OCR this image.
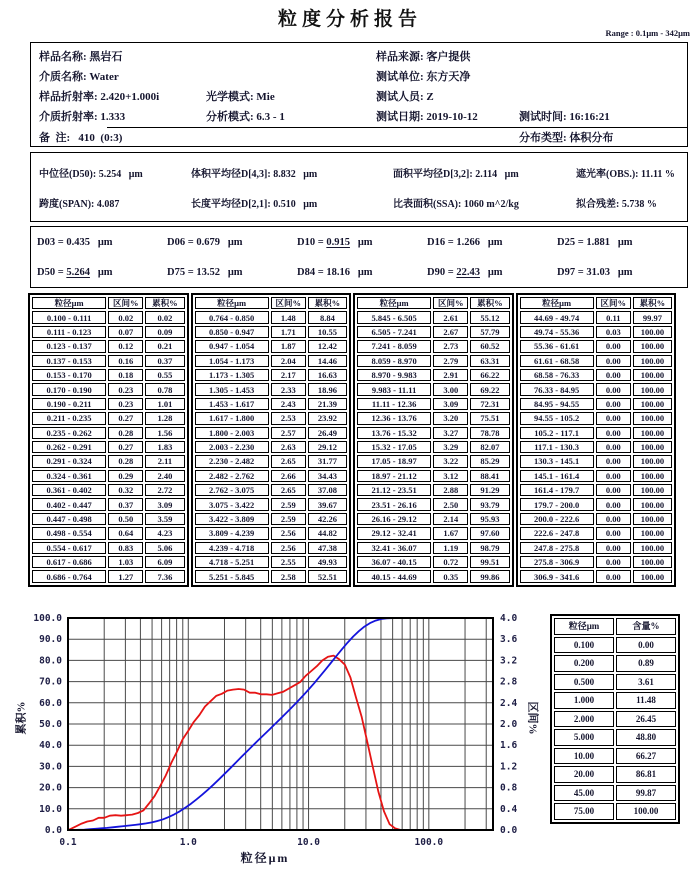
粒度分析报告
Range : 0.1μm - 342μm
样品名称: 黑岩石	样品来源: 客户提供
介质名称: Water	测试单位: 东方天净
样品折射率: 2.420+1.000i	光学模式: Mie	测试人员: Z
介质折射率: 1.333	分析模式: 6.3 - 1	测试日期: 2019-10-12	测试时间: 16:16:21
备  注:   410  (0:3)	分布类型: 体积分布
中位径(D50): 5.254   μm	体积平均径D[4,3]: 8.832   μm	面积平均径D[3,2]: 2.114   μm	遮光率(OBS.): 11.11 %
跨度(SPAN): 4.087	长度平均径D[2,1]: 0.510   μm	比表面积(SSA): 1060 m^2/kg	拟合残差: 5.738 %
D03 = 0.435   μm	D06 = 0.679   μm	D10 = 0.915   μm	D16 = 1.266   μm	D25 = 1.881   μm
D50 = 5.264   μm	D75 = 13.52   μm	D84 = 18.16   μm	D90 = 22.43   μm	D97 = 31.03   μm
粒径μm	区间%	累积%
0.100 - 0.111	0.02	0.02
0.111 - 0.123	0.07	0.09
0.123 - 0.137	0.12	0.21
0.137 - 0.153	0.16	0.37
0.153 - 0.170	0.18	0.55
0.170 - 0.190	0.23	0.78
0.190 - 0.211	0.23	1.01
0.211 - 0.235	0.27	1.28
0.235 - 0.262	0.28	1.56
0.262 - 0.291	0.27	1.83
0.291 - 0.324	0.28	2.11
0.324 - 0.361	0.29	2.40
0.361 - 0.402	0.32	2.72
0.402 - 0.447	0.37	3.09
0.447 - 0.498	0.50	3.59
0.498 - 0.554	0.64	4.23
0.554 - 0.617	0.83	5.06
0.617 - 0.686	1.03	6.09
0.686 - 0.764	1.27	7.36
粒径μm	区间%	累积%
0.764 - 0.850	1.48	8.84
0.850 - 0.947	1.71	10.55
0.947 - 1.054	1.87	12.42
1.054 - 1.173	2.04	14.46
1.173 - 1.305	2.17	16.63
1.305 - 1.453	2.33	18.96
1.453 - 1.617	2.43	21.39
1.617 - 1.800	2.53	23.92
1.800 - 2.003	2.57	26.49
2.003 - 2.230	2.63	29.12
2.230 - 2.482	2.65	31.77
2.482 - 2.762	2.66	34.43
2.762 - 3.075	2.65	37.08
3.075 - 3.422	2.59	39.67
3.422 - 3.809	2.59	42.26
3.809 - 4.239	2.56	44.82
4.239 - 4.718	2.56	47.38
4.718 - 5.251	2.55	49.93
5.251 - 5.845	2.58	52.51
粒径μm	区间%	累积%
5.845 - 6.505	2.61	55.12
6.505 - 7.241	2.67	57.79
7.241 - 8.059	2.73	60.52
8.059 - 8.970	2.79	63.31
8.970 - 9.983	2.91	66.22
9.983 - 11.11	3.00	69.22
11.11 - 12.36	3.09	72.31
12.36 - 13.76	3.20	75.51
13.76 - 15.32	3.27	78.78
15.32 - 17.05	3.29	82.07
17.05 - 18.97	3.22	85.29
18.97 - 21.12	3.12	88.41
21.12 - 23.51	2.88	91.29
23.51 - 26.16	2.50	93.79
26.16 - 29.12	2.14	95.93
29.12 - 32.41	1.67	97.60
32.41 - 36.07	1.19	98.79
36.07 - 40.15	0.72	99.51
40.15 - 44.69	0.35	99.86
粒径μm	区间%	累积%
44.69 - 49.74	0.11	99.97
49.74 - 55.36	0.03	100.00
55.36 - 61.61	0.00	100.00
61.61 - 68.58	0.00	100.00
68.58 - 76.33	0.00	100.00
76.33 - 84.95	0.00	100.00
84.95 - 94.55	0.00	100.00
94.55 - 105.2	0.00	100.00
105.2 - 117.1	0.00	100.00
117.1 - 130.3	0.00	100.00
130.3 - 145.1	0.00	100.00
145.1 - 161.4	0.00	100.00
161.4 - 179.7	0.00	100.00
179.7 - 200.0	0.00	100.00
200.0 - 222.6	0.00	100.00
222.6 - 247.8	0.00	100.00
247.8 - 275.8	0.00	100.00
275.8 - 306.9	0.00	100.00
306.9 - 341.6	0.00	100.00
0.0
10.0
20.0
30.0
40.0
50.0
60.0
70.0
80.0
90.0
100.0
0.0
0.4
0.8
1.2
1.6
2.0
2.4
2.8
3.2
3.6
4.0
0.1	1.0	10.0	100.0
累积%	区间%
粒径μm
粒径μm	含量%
0.100	0.00
0.200	0.89
0.500	3.61
1.000	11.48
2.000	26.45
5.000	48.80
10.00	66.27
20.00	86.81
45.00	99.87
75.00	100.00
